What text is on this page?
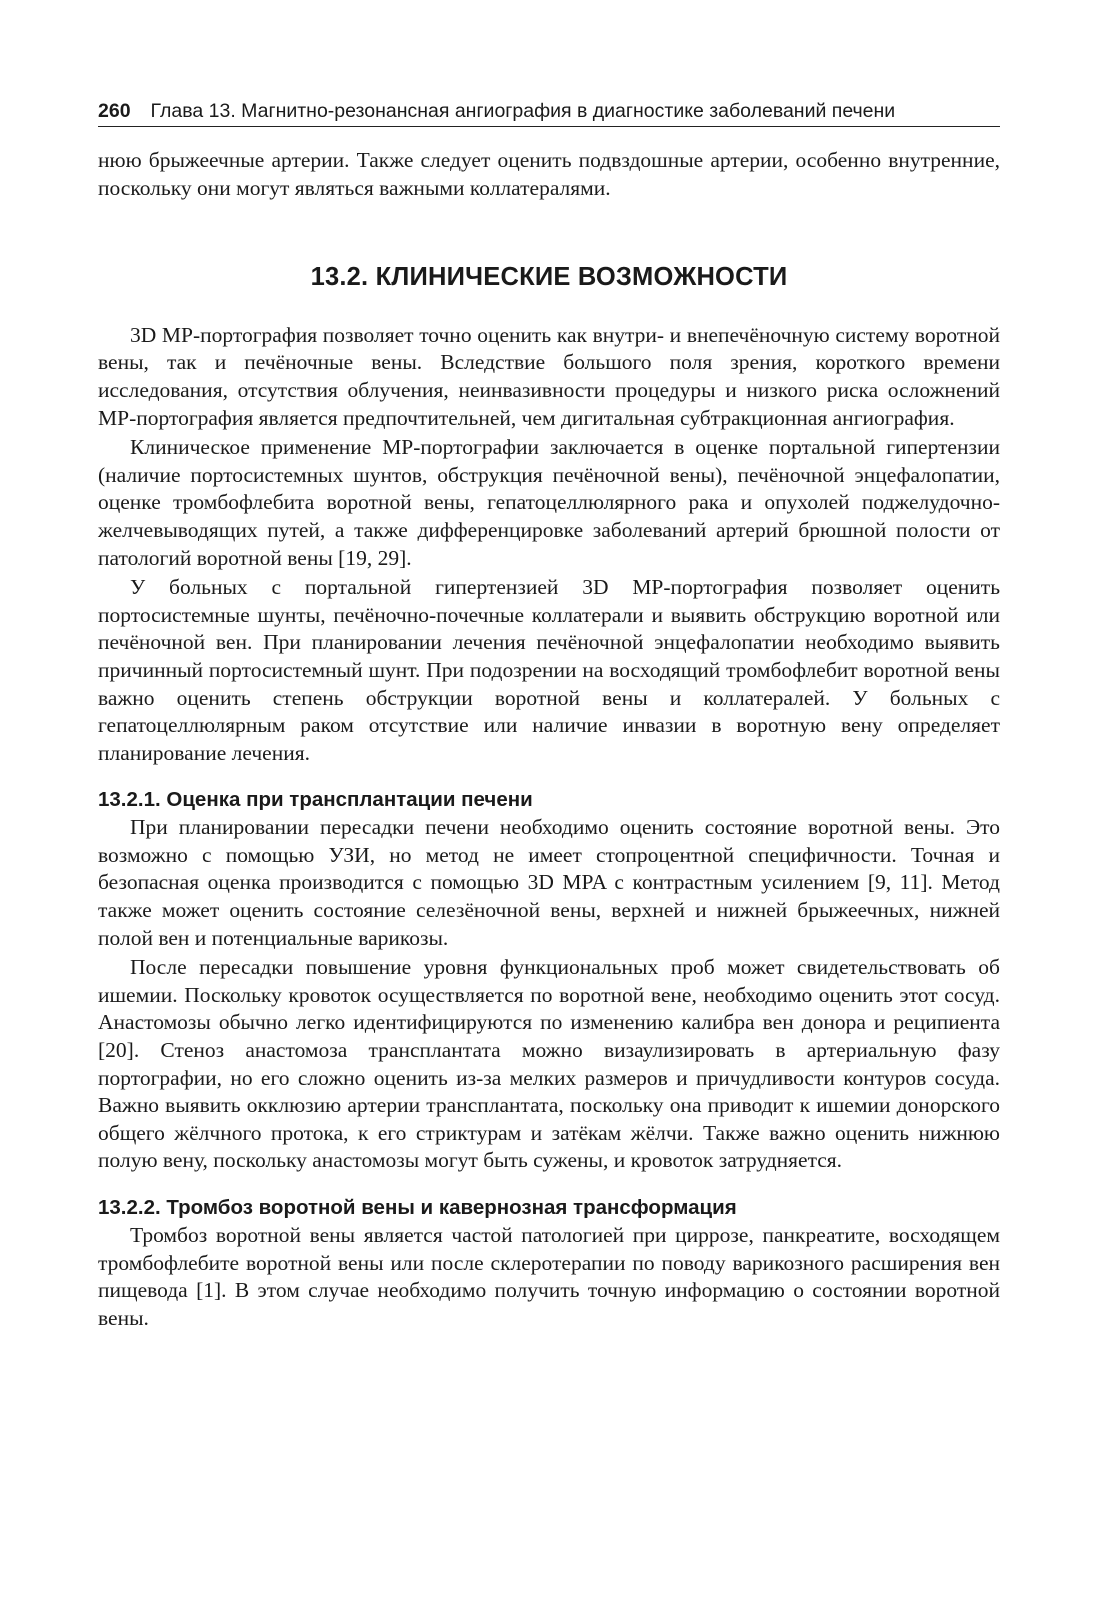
260 Глава 13. Магнитно-резонансная ангиография в диагностике заболеваний печени

нюю брыжеечные артерии. Также следует оценить подвздошные артерии, особенно внутренние, поскольку они могут являться важными коллатералями.

13.2. КЛИНИЧЕСКИЕ ВОЗМОЖНОСТИ

3D MP-портография позволяет точно оценить как внутри- и внепечёночную систему воротной вены, так и печёночные вены. Вследствие большого поля зрения, короткого времени исследования, отсутствия облучения, неинвазивности процедуры и низкого риска осложнений MP-портография является предпочтительней, чем дигитальная субтракционная ангиография.

Клиническое применение MP-портографии заключается в оценке портальной гипертензии (наличие портосистемных шунтов, обструкция печёночной вены), печёночной энцефалопатии, оценке тромбофлебита воротной вены, гепатоцеллюлярного рака и опухолей поджелудочно-желчевыводящих путей, а также дифференцировке заболеваний артерий брюшной полости от патологий воротной вены [19, 29].

У больных с портальной гипертензией 3D MP-портография позволяет оценить портосистемные шунты, печёночно-почечные коллатерали и выявить обструкцию воротной или печёночной вен. При планировании лечения печёночной энцефалопатии необходимо выявить причинный портосистемный шунт. При подозрении на восходящий тромбофлебит воротной вены важно оценить степень обструкции воротной вены и коллатералей. У больных с гепатоцеллюлярным раком отсутствие или наличие инвазии в воротную вену определяет планирование лечения.

13.2.1. Оценка при трансплантации печени

При планировании пересадки печени необходимо оценить состояние воротной вены. Это возможно с помощью УЗИ, но метод не имеет стопроцентной специфичности. Точная и безопасная оценка производится с помощью 3D MPA с контрастным усилением [9, 11]. Метод также может оценить состояние селезёночной вены, верхней и нижней брыжеечных, нижней полой вен и потенциальные варикозы.

После пересадки повышение уровня функциональных проб может свидетельствовать об ишемии. Поскольку кровоток осуществляется по воротной вене, необходимо оценить этот сосуд. Анастомозы обычно легко идентифицируются по изменению калибра вен донора и реципиента [20]. Стеноз анастомоза трансплантата можно визаулизировать в артериальную фазу портографии, но его сложно оценить из-за мелких размеров и причудливости контуров сосуда. Важно выявить окклюзию артерии трансплантата, поскольку она приводит к ишемии донорского общего жёлчного протока, к его стриктурам и затёкам жёлчи. Также важно оценить нижнюю полую вену, поскольку анастомозы могут быть сужены, и кровоток затрудняется.

13.2.2. Тромбоз воротной вены и кавернозная трансформация

Тромбоз воротной вены является частой патологией при циррозе, панкреатите, восходящем тромбофлебите воротной вены или после склеротерапии по поводу варикозного расширения вен пищевода [1]. В этом случае необходимо получить точную информацию о состоянии воротной вены.
